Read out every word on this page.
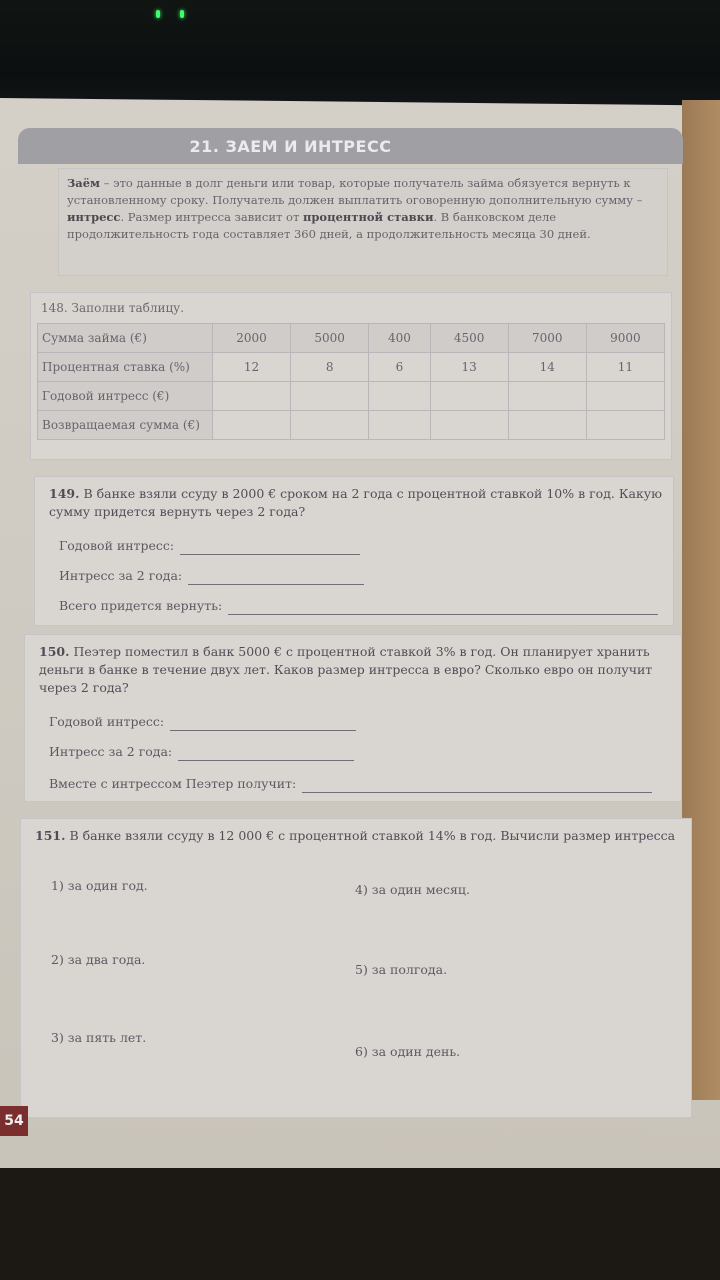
21. ЗАЕМ И ИНТРЕСС

Заём – это данные в долг деньги или товар, которые получатель займа обязуется вернуть к установленному сроку. Получатель должен выплатить оговоренную дополнительную сумму – интресс. Размер интресса зависит от процентной ставки. В банковском деле продолжительность года составляет 360 дней, а продолжительность месяца 30 дней.

148. Заполни таблицу.
Сумма займа (€)	2000	5000	400	4500	7000	9000
Процентная ставка (%)	12	8	6	13	14	11
Годовой интресс (€)						
Возвращаемая сумма (€)						

149. В банке взяли ссуду в 2000 € сроком на 2 года с процентной ставкой 10% в год. Какую сумму придется вернуть через 2 года?

Годовой интресс:
Интресс за 2 года:
Всего придется вернуть:

150. Пеэтер поместил в банк 5000 € с процентной ставкой 3% в год. Он планирует хранить деньги в банке в течение двух лет. Каков размер интресса в евро? Сколько евро он получит через 2 года?

Годовой интресс:
Интресс за 2 года:
Вместе с интрессом Пеэтер получит:

151. В банке взяли ссуду в 12 000 € с процентной ставкой 14% в год. Вычисли размер интресса

1) за один год.
2) за два года.
3) за пять лет.
4) за один месяц.
5) за полгода.
6) за один день.
54
